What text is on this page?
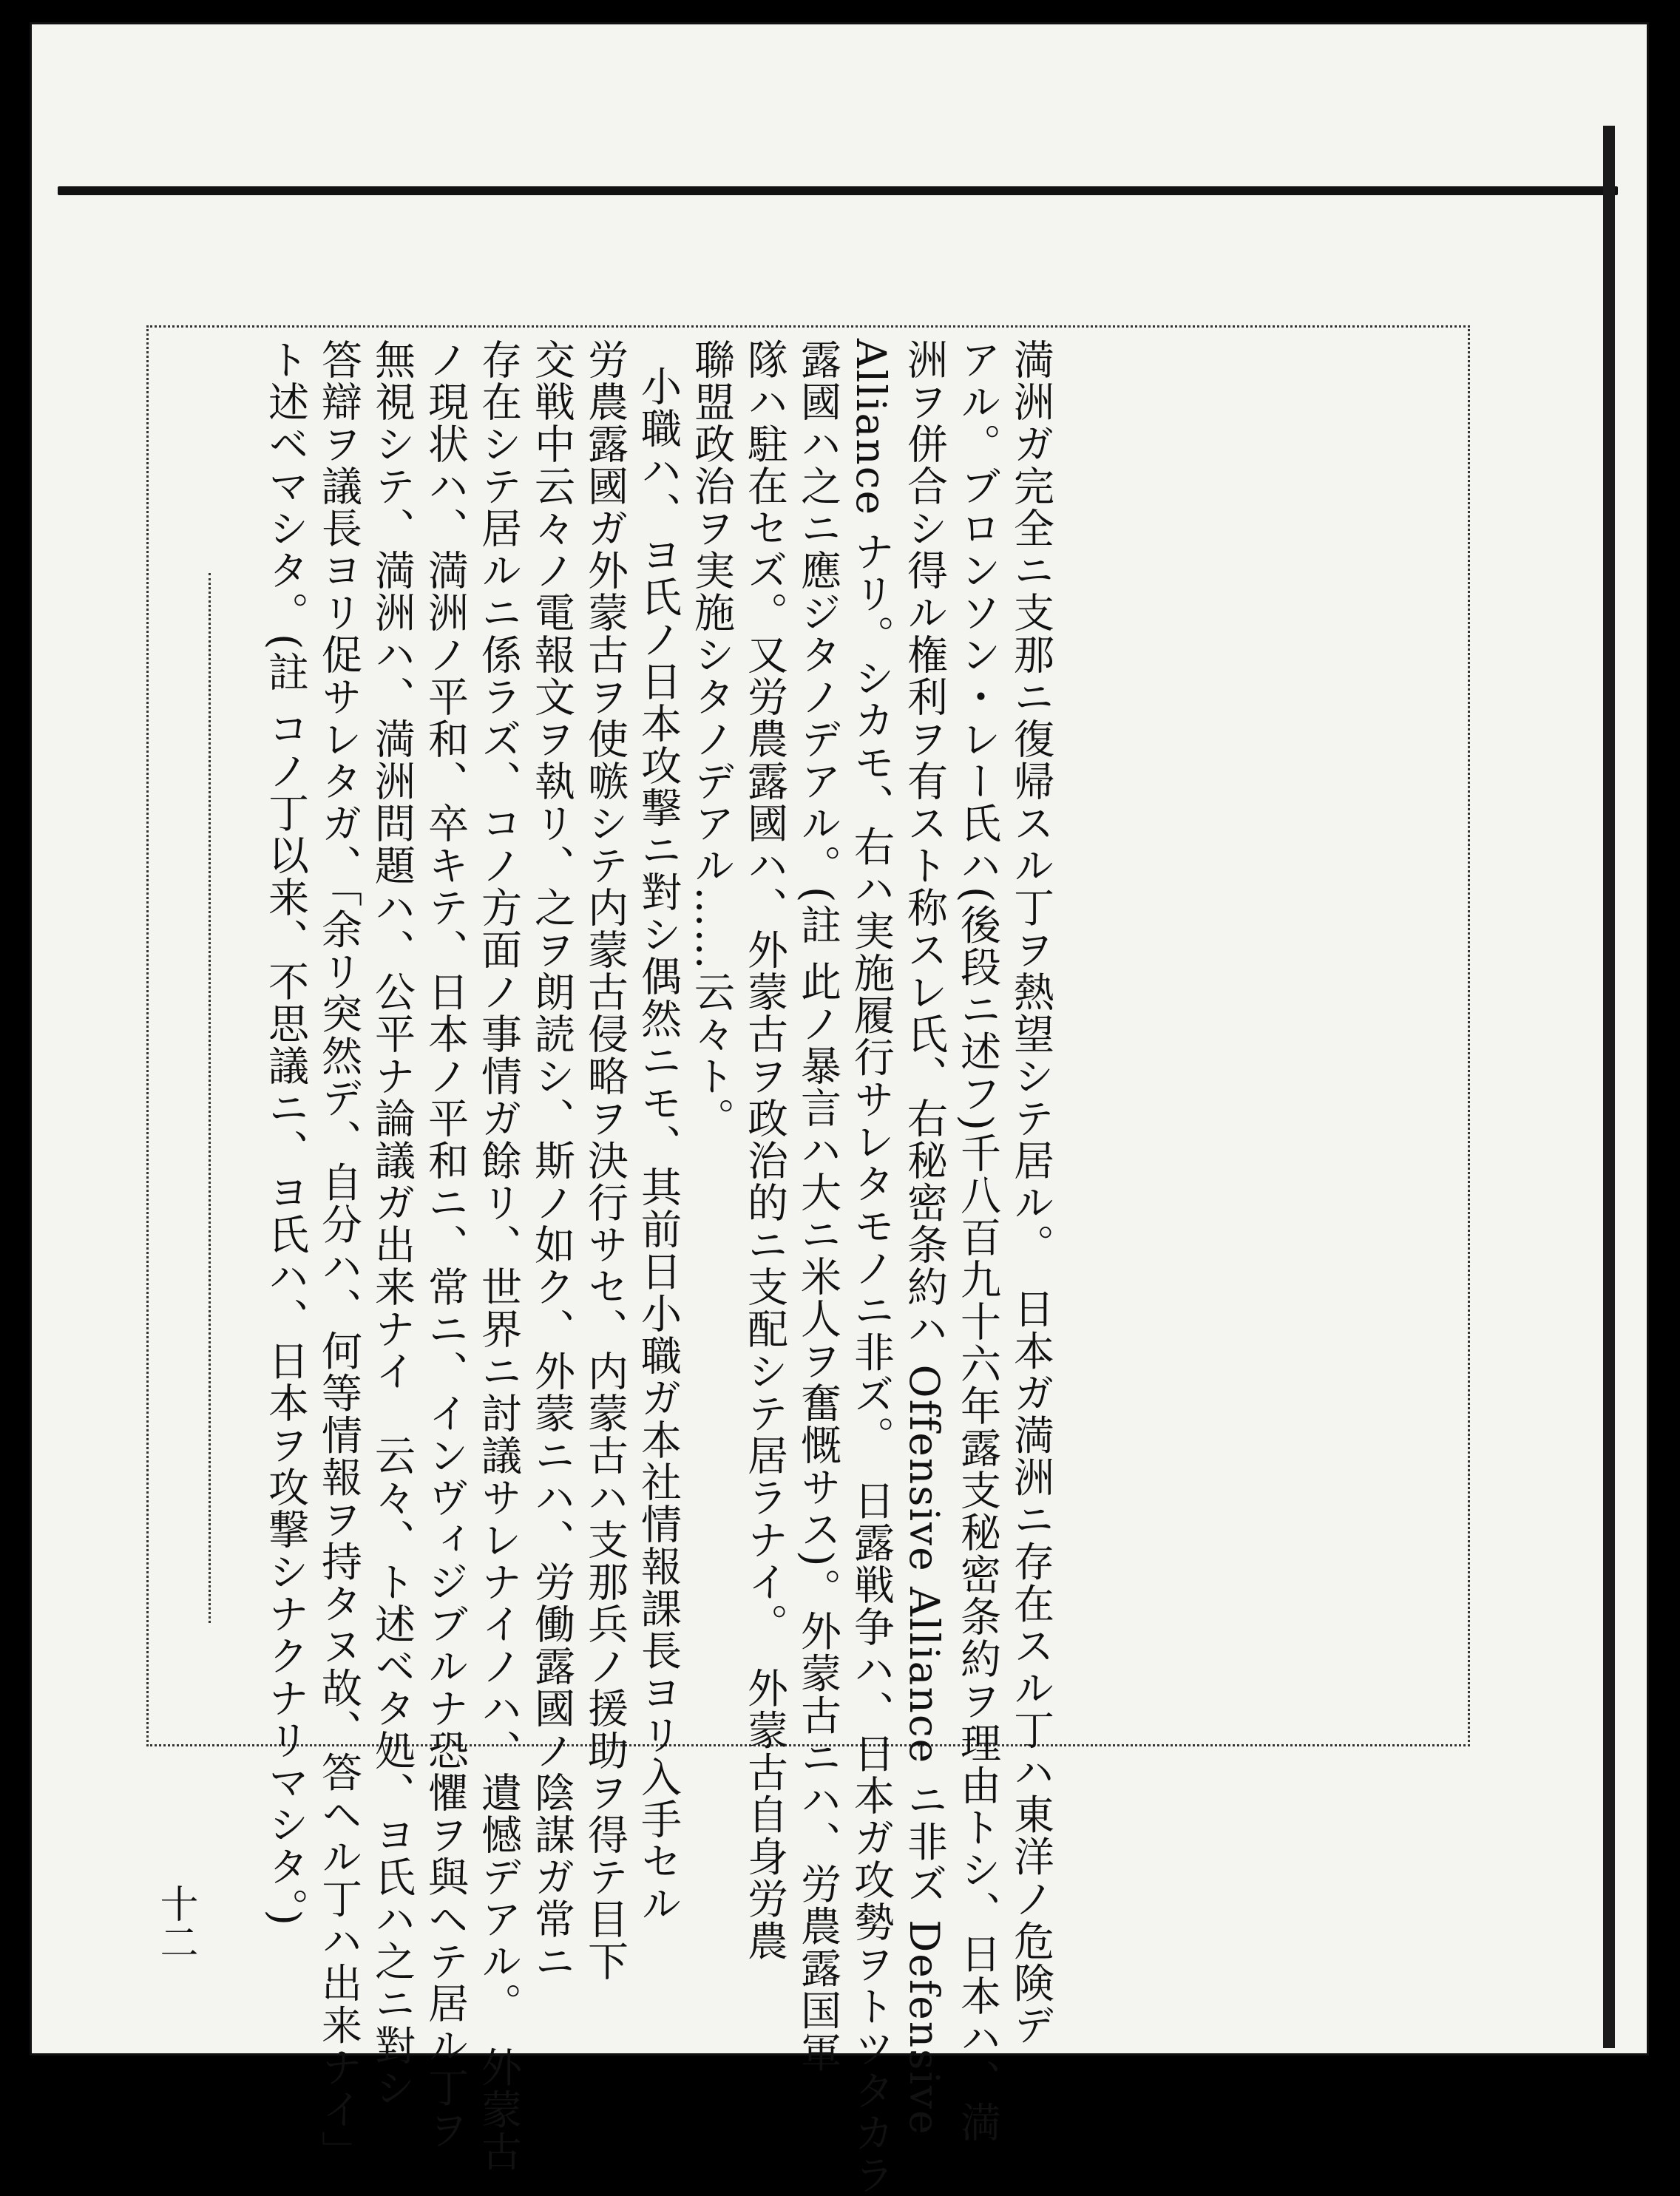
満洲ガ完全ニ支那ニ復帰スル丁ヲ熱望シテ居ル。　日本ガ満洲ニ存在スル丁ハ東洋ノ危険デ
アル。ブロンソン・レー氏ハ(後段ニ述フ)千八百九十六年露支秘密条約ヲ理由トシ、日本ハ、満
洲ヲ併合シ得ル権利ヲ有スト称スレ氏、右秘密条約ハ Offensive Alliance ニ非ズ Defensive
Alliance ナリ。シカモ、右ハ実施履行サレタモノニ非ズ。　日露戦争ハ、日本ガ攻勢ヲトツタカラ
露國ハ之ニ應ジタノデアル。(註 此ノ暴言ハ大ニ米人ヲ奮慨サス)。外蒙古ニハ、労農露国軍
隊ハ駐在セズ。又労農露國ハ、外蒙古ヲ政治的ニ支配シテ居ラナイ。　外蒙古自身労農
聯盟政治ヲ実施シタノデアル……云々ト。
小職ハ、ヨ氏ノ日本攻撃ニ對シ偶然ニモ、其前日小職ガ本社情報課長ヨリ入手セル
労農露國ガ外蒙古ヲ使嗾シテ内蒙古侵略ヲ決行サセ、内蒙古ハ支那兵ノ援助ヲ得テ目下
交戦中云々ノ電報文ヲ執リ、之ヲ朗読シ、斯ノ如ク、外蒙ニハ、労働露國ノ陰謀ガ常ニ
存在シテ居ルニ係ラズ、コノ方面ノ事情ガ餘リ、世界ニ討議サレナイノハ、遺憾デアル。　外蒙古
ノ現状ハ、満洲ノ平和、卒キテ、日本ノ平和ニ、常ニ、インヴィジブルナ恐懼ヲ與ヘテ居ル丁ヲ
無視シテ、満洲ハ、満洲問題ハ、公平ナ論議ガ出来ナイ　云々、ト述ベタ処、ヨ氏ハ之ニ對シ
答辯ヲ議長ヨリ促サレタガ、「余リ突然デ、自分ハ、何等情報ヲ持タヌ故、答ヘル丁ハ出来ナイ」
ト述ベマシタ。(註 コノ丁以来、不思議ニ、ヨ氏ハ、日本ヲ攻撃シナクナリマシタ。)
十二
